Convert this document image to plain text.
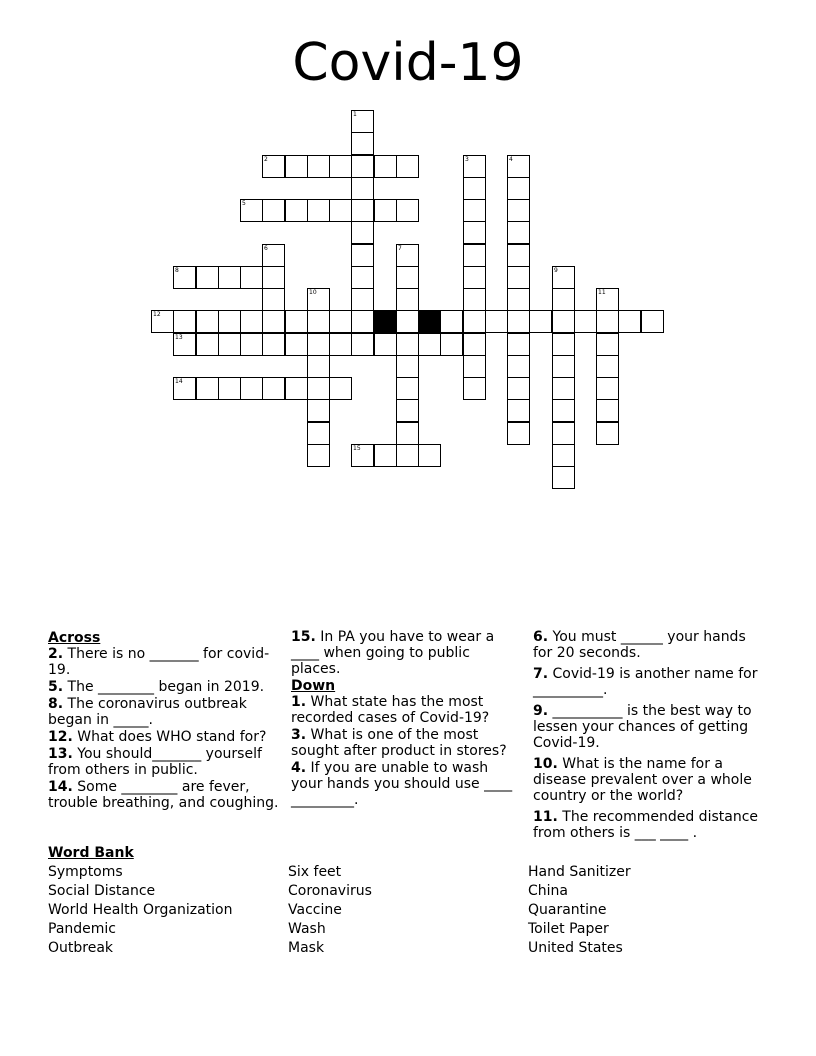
Covid-19
2
5
8
12
13
14
15
1
3	4
6	7
9
10	11
Across
2. There is no _______ for covid-19.
5. The ________ began in 2019.
8. The coronavirus outbreak began in _____.
12. What does WHO stand for?
13. You should_______ yourself from others in public.
14. Some ________ are fever, trouble breathing, and coughing.
15. In PA you have to wear a ____ when going to public places.
Down
1. What state has the most recorded cases of Covid-19?
3. What is one of the most sought after product in stores?
4. If you are unable to wash your hands you should use ____ _________.
6. You must ______ your hands for 20 seconds.
7. Covid-19 is another name for __________.
9. __________ is the best way to lessen your chances of getting Covid-19.
10. What is the name for a disease prevalent over a whole country or the world?
11. The recommended distance from others is ___ ____ .
Word Bank
Symptoms
Social Distance
World Health Organization
Pandemic
Outbreak
Six feet
Coronavirus
Vaccine
Wash
Mask
Hand Sanitizer
China
Quarantine
Toilet Paper
United States
